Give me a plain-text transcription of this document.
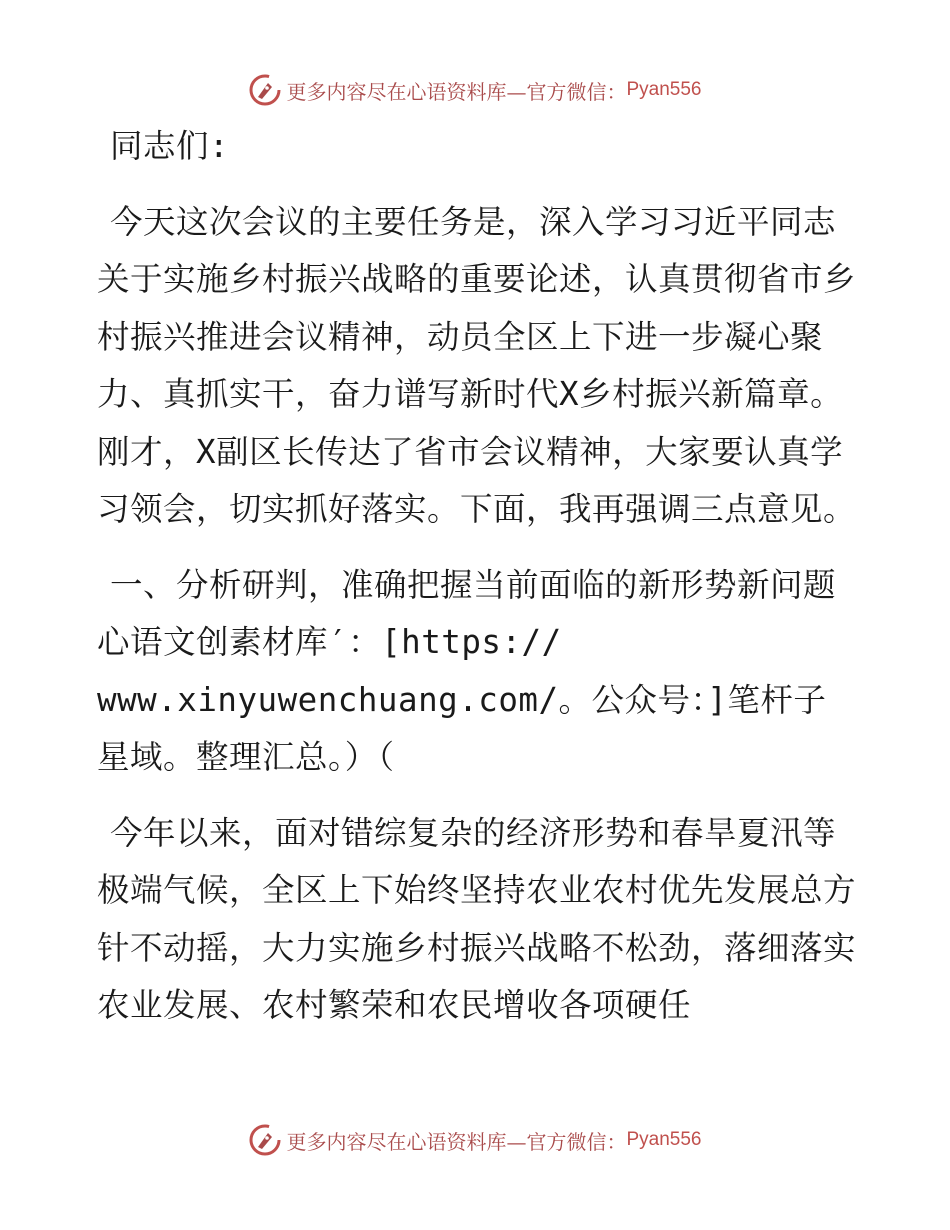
更多内容尽在心语资料库—官方微信： Pyan556

同志们:

今天这次会议的主要任务是，深入学习习近平同志关于实施乡村振兴战略的重要论述，认真贯彻省市乡村振兴推进会议精神，动员全区上下进一步凝心聚力、真抓实干，奋力谱写新时代X乡村振兴新篇章。刚才，X副区长传达了省市会议精神，大家要认真学习领会，切实抓好落实。下面，我再强调三点意见。

一、分析研判，准确把握当前面临的新形势新问题心语文创素材库′：[https://
www.xinyuwenchuang.com/。公众号：]笔杆子星域。整理汇总。）（

今年以来，面对错综复杂的经济形势和春旱夏汛等极端气候，全区上下始终坚持农业农村优先发展总方针不动摇，大力实施乡村振兴战略不松劲，落细落实农业发展、农村繁荣和农民增收各项硬任

更多内容尽在心语资料库—官方微信： Pyan556
